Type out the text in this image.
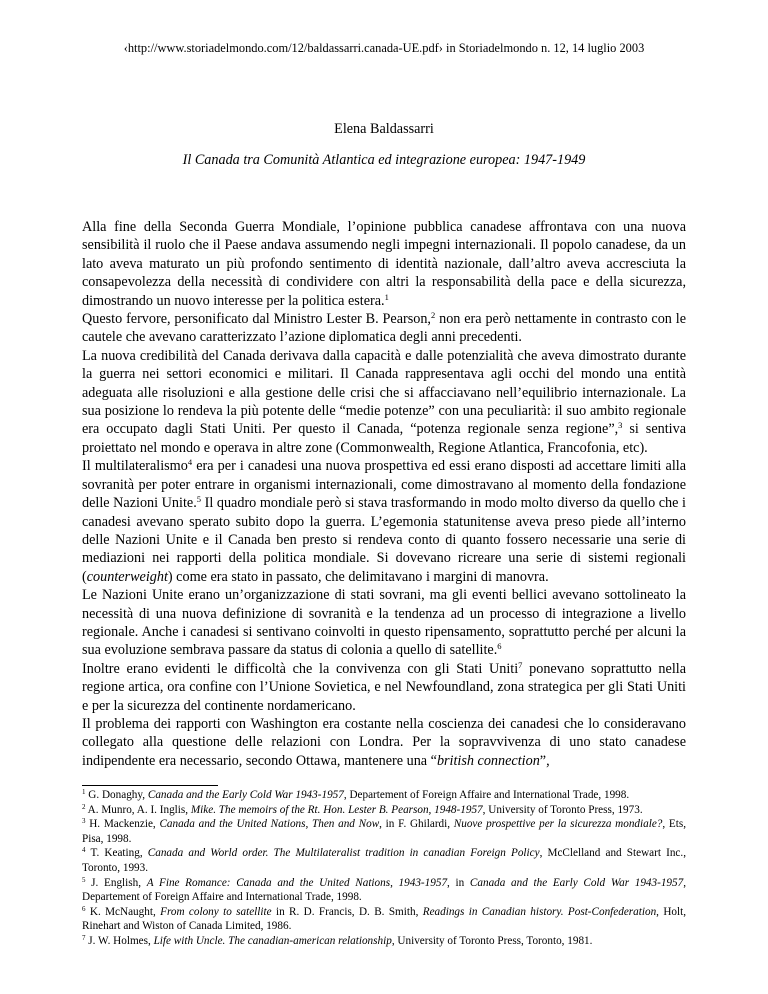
‹http://www.storiadelmondo.com/12/baldassarri.canada-UE.pdf› in Storiadelmondo n. 12, 14 luglio 2003
Elena Baldassarri
Il Canada tra Comunità Atlantica ed integrazione europea: 1947-1949

Alla fine della Seconda Guerra Mondiale, l’opinione pubblica canadese affrontava con una nuova sensibilità il ruolo che il Paese andava assumendo negli impegni internazionali. Il popolo canadese, da un lato aveva maturato un più profondo sentimento di identità nazionale, dall’altro aveva accresciuta la consapevolezza della necessità di condividere con altri la responsabilità della pace e della sicurezza, dimostrando un nuovo interesse per la politica estera.$^1$

Questo fervore, personificato dal Ministro Lester B. Pearson,$^2$ non era però nettamente in contrasto con le cautele che avevano caratterizzato l’azione diplomatica degli anni precedenti.

La nuova credibilità del Canada derivava dalla capacità e dalle potenzialità che aveva dimostrato durante la guerra nei settori economici e militari. Il Canada rappresentava agli occhi del mondo una entità adeguata alle risoluzioni e alla gestione delle crisi che si affacciavano nell’equilibrio internazionale. La sua posizione lo rendeva la più potente delle “medie potenze” con una peculiarità: il suo ambito regionale era occupato dagli Stati Uniti. Per questo il Canada, “potenza regionale senza regione”,$^3$ si sentiva proiettato nel mondo e operava in altre zone (Commonwealth, Regione Atlantica, Francofonia, etc).

Il multilateralismo$^4$ era per i canadesi una nuova prospettiva ed essi erano disposti ad accettare limiti alla sovranità per poter entrare in organismi internazionali, come dimostravano al momento della fondazione delle Nazioni Unite.$^5$ Il quadro mondiale però si stava trasformando in modo molto diverso da quello che i canadesi avevano sperato subito dopo la guerra. L’egemonia statunitense aveva preso piede all’interno delle Nazioni Unite e il Canada ben presto si rendeva conto di quanto fossero necessarie una serie di mediazioni nei rapporti della politica mondiale. Si dovevano ricreare una serie di sistemi regionali (counterweight) come era stato in passato, che delimitavano i margini di manovra.

Le Nazioni Unite erano un’organizzazione di stati sovrani, ma gli eventi bellici avevano sottolineato la necessità di una nuova definizione di sovranità e la tendenza ad un processo di integrazione a livello regionale. Anche i canadesi si sentivano coinvolti in questo ripensamento, soprattutto perché per alcuni la sua evoluzione sembrava passare da status di colonia a quello di satellite.$^6$

Inoltre erano evidenti le difficoltà che la convivenza con gli Stati Uniti$^7$ ponevano soprattutto nella regione artica, ora confine con l’Unione Sovietica, e nel Newfoundland, zona strategica per gli Stati Uniti e per la sicurezza del continente nordamericano.

Il problema dei rapporti con Washington era costante nella coscienza dei canadesi che lo consideravano collegato alla questione delle relazioni con Londra. Per la sopravvivenza di uno stato canadese indipendente era necessario, secondo Ottawa, mantenere una “british connection”,

$^1$ G. Donaghy, Canada and the Early Cold War 1943-1957, Departement of Foreign Affaire and International Trade, 1998.
$^2$ A. Munro, A. I. Inglis, Mike. The memoirs of the Rt. Hon. Lester B. Pearson, 1948-1957, University of Toronto Press, 1973.
$^3$ H. Mackenzie, Canada and the United Nations, Then and Now, in F. Ghilardi, Nuove prospettive per la sicurezza mondiale?, Ets, Pisa, 1998.
$^4$ T. Keating, Canada and World order. The Multilateralist tradition in canadian Foreign Policy, McClelland and Stewart Inc., Toronto, 1993.
$^5$ J. English, A Fine Romance: Canada and the United Nations, 1943-1957, in Canada and the Early Cold War 1943-1957, Departement of Foreign Affaire and International Trade, 1998.
$^6$ K. McNaught, From colony to satellite in R. D. Francis, D. B. Smith, Readings in Canadian history. Post-Confederation, Holt, Rinehart and Wiston of Canada Limited, 1986.
$^7$ J. W. Holmes, Life with Uncle. The canadian-american relationship, University of Toronto Press, Toronto, 1981.
